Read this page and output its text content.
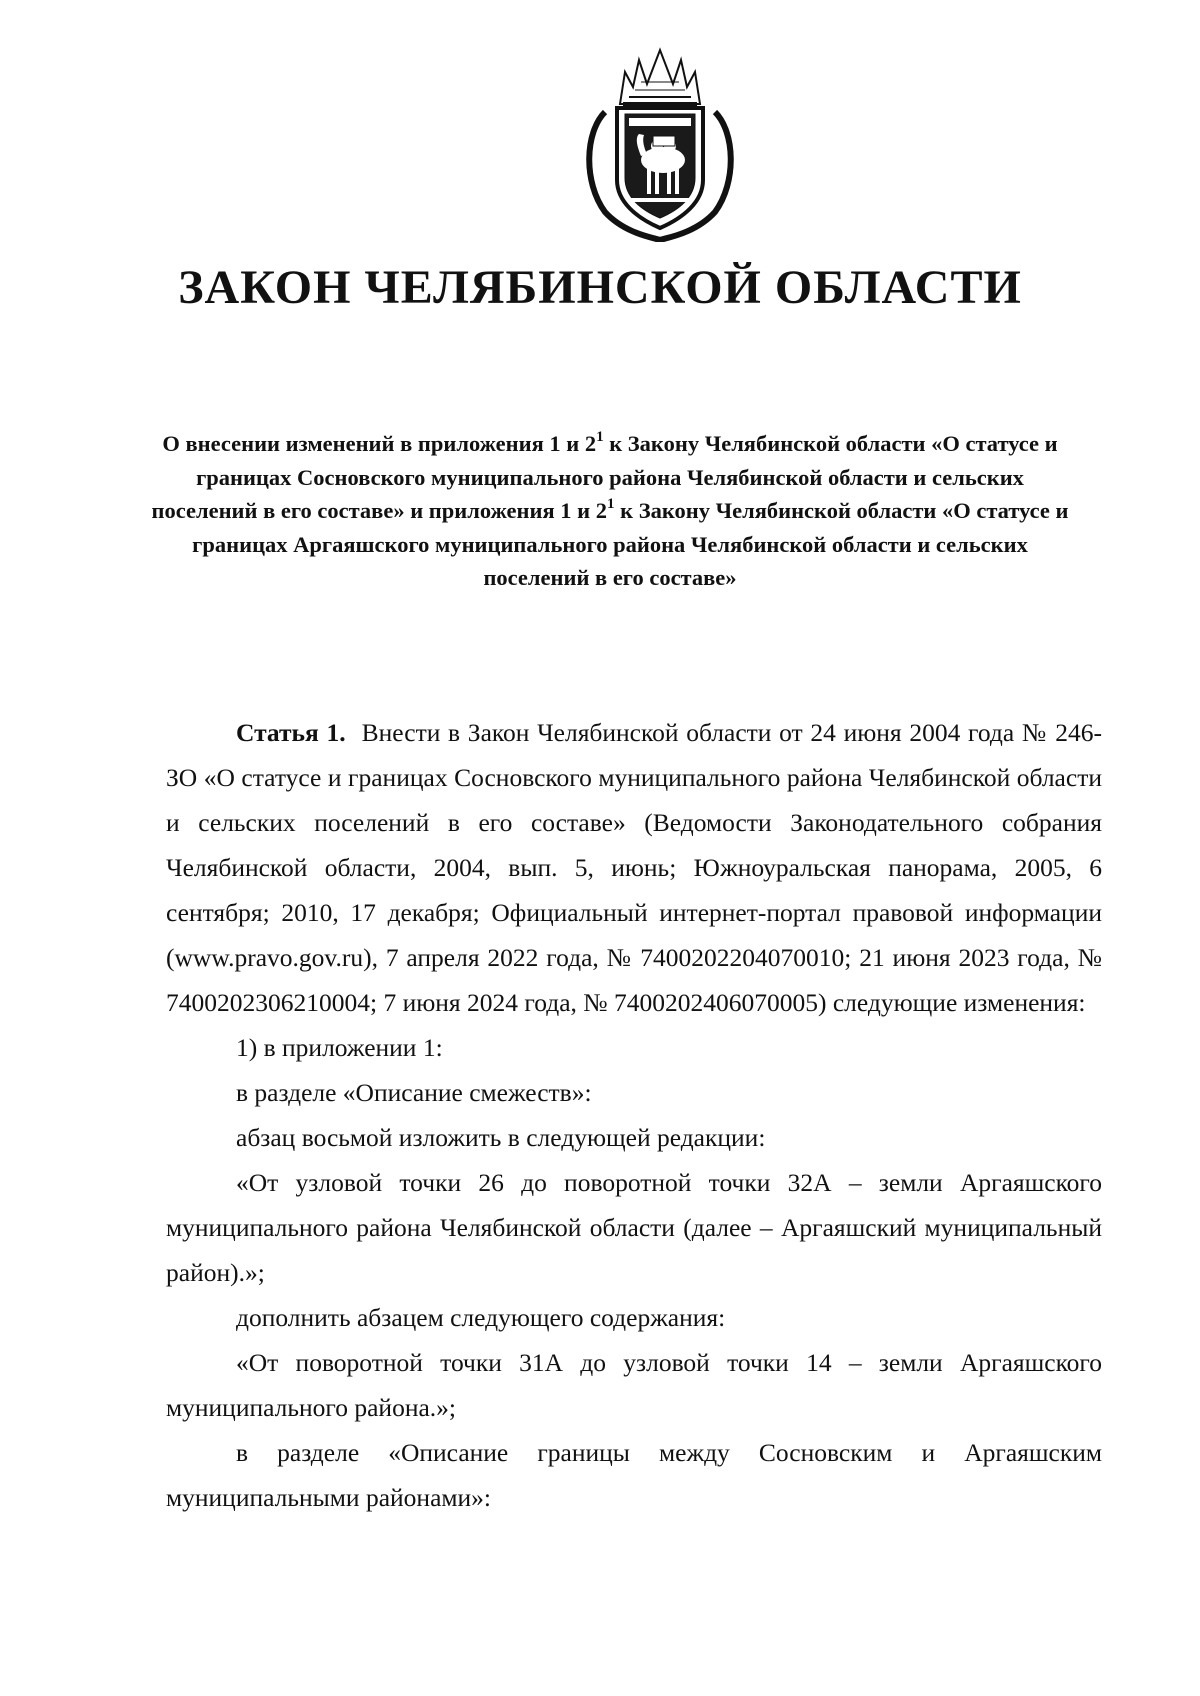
ЗАКОН ЧЕЛЯБИНСКОЙ ОБЛАСТИ

О внесении изменений в приложения 1 и $2^1$ к Закону Челябинской области «О статусе и границах Сосновского муниципального района Челябинской области и сельских поселений в его составе» и приложения 1 и $2^1$ к Закону Челябинской области «О статусе и границах Аргаяшского муниципального района Челябинской области и сельских поселений в его составе»

Статья 1. Внести в Закон Челябинской области от 24 июня 2004 года № 246-ЗО «О статусе и границах Сосновского муниципального района Челябинской области и сельских поселений в его составе» (Ведомости Законодательного собрания Челябинской области, 2004, вып. 5, июнь; Южноуральская панорама, 2005, 6 сентября; 2010, 17 декабря; Официальный интернет-портал правовой информации (www.pravo.gov.ru), 7 апреля 2022 года, № 7400202204070010; 21 июня 2023 года, № 7400202306210004; 7 июня 2024 года, № 7400202406070005) следующие изменения:

1) в приложении 1:

в разделе «Описание смежеств»:

абзац восьмой изложить в следующей редакции:

«От узловой точки 26 до поворотной точки 32А – земли Аргаяшского муниципального района Челябинской области (далее – Аргаяшский муниципальный район).»;

дополнить абзацем следующего содержания:

«От поворотной точки 31А до узловой точки 14 – земли Аргаяшского муниципального района.»;

в разделе «Описание границы между Сосновским и Аргаяшским муниципальными районами»:
